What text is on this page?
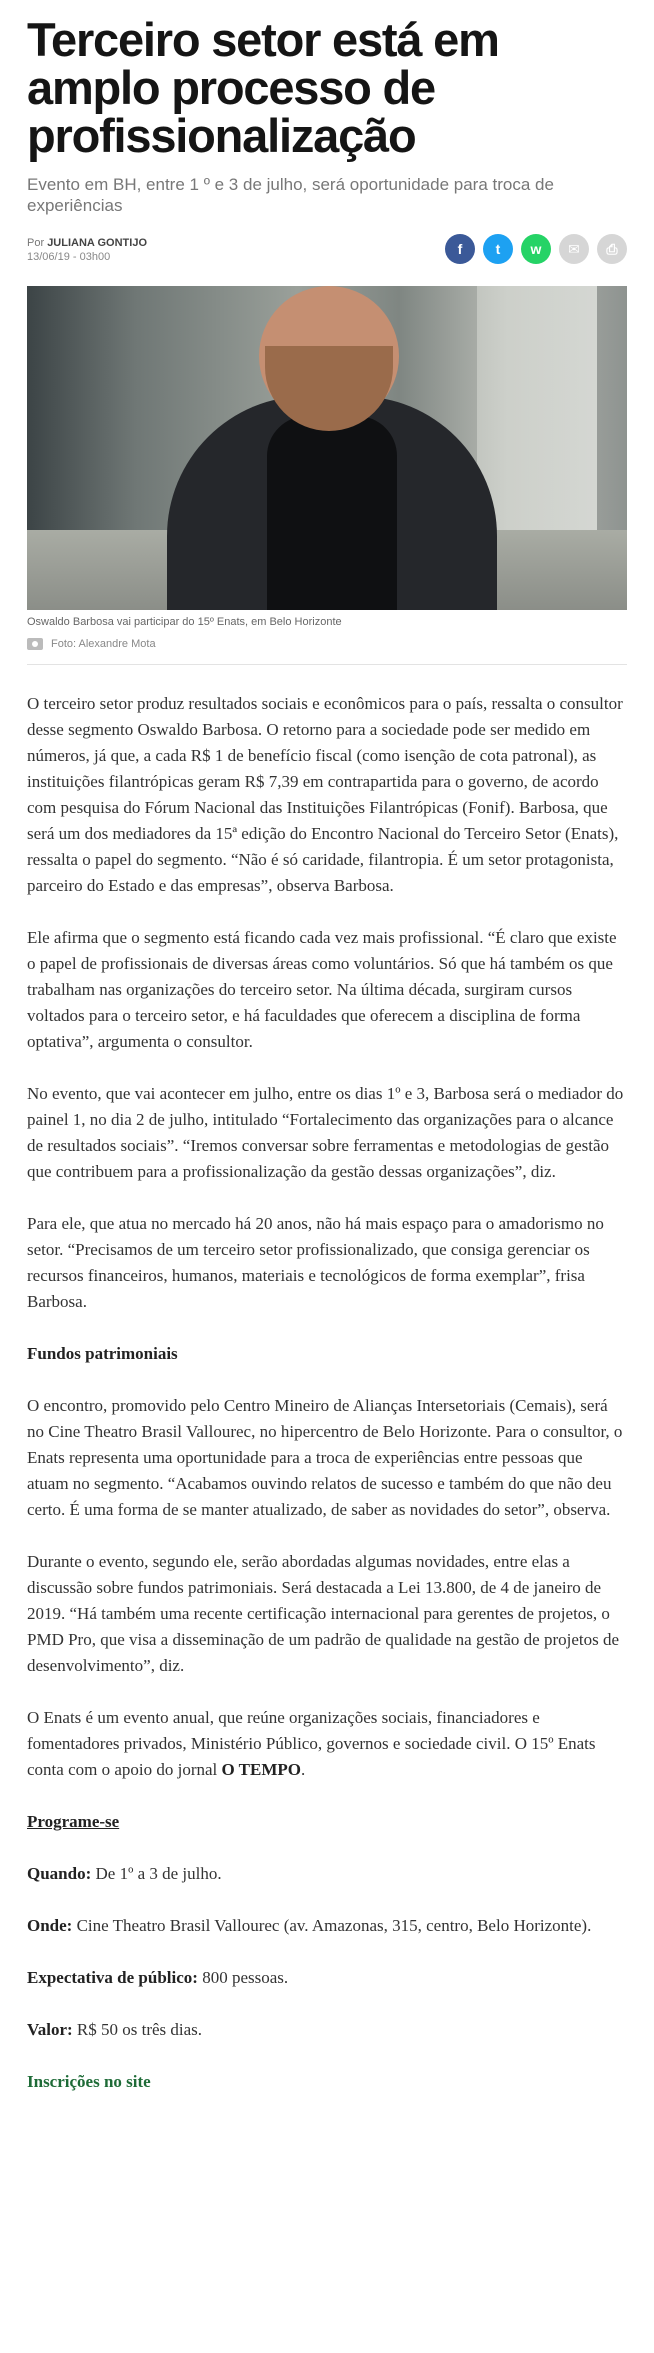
Terceiro setor está em amplo processo de profissionalização

Evento em BH, entre 1 º e 3 de julho, será oportunidade para troca de experiências

Por JULIANA GONTIJO
13/06/19 - 03h00	f t w ✉ ⎙

Oswaldo Barbosa vai participar do 15º Enats, em Belo Horizonte

Foto: Alexandre Mota

O terceiro setor produz resultados sociais e econômicos para o país, ressalta o consultor desse segmento Oswaldo Barbosa. O retorno para a sociedade pode ser medido em números, já que, a cada R$ 1 de benefício fiscal (como isenção de cota patronal), as instituições filantrópicas geram R$ 7,39 em contrapartida para o governo, de acordo com pesquisa do Fórum Nacional das Instituições Filantrópicas (Fonif). Barbosa, que será um dos mediadores da 15ª edição do Encontro Nacional do Terceiro Setor (Enats), ressalta o papel do segmento. “Não é só caridade, filantropia. É um setor protagonista, parceiro do Estado e das empresas”, observa Barbosa.

Ele afirma que o segmento está ficando cada vez mais profissional. “É claro que existe o papel de profissionais de diversas áreas como voluntários. Só que há também os que trabalham nas organizações do terceiro setor. Na última década, surgiram cursos voltados para o terceiro setor, e há faculdades que oferecem a disciplina de forma optativa”, argumenta o consultor.

No evento, que vai acontecer em julho, entre os dias 1º e 3, Barbosa será o mediador do painel 1, no dia 2 de julho, intitulado “Fortalecimento das organizações para o alcance de resultados sociais”. “Iremos conversar sobre ferramentas e metodologias de gestão que contribuem para a profissionalização da gestão dessas organizações”, diz.

Para ele, que atua no mercado há 20 anos, não há mais espaço para o amadorismo no setor. “Precisamos de um terceiro setor profissionalizado, que consiga gerenciar os recursos financeiros, humanos, materiais e tecnológicos de forma exemplar”, frisa Barbosa.

Fundos patrimoniais

O encontro, promovido pelo Centro Mineiro de Alianças Intersetoriais (Cemais), será no Cine Theatro Brasil Vallourec, no hipercentro de Belo Horizonte. Para o consultor, o Enats representa uma oportunidade para a troca de experiências entre pessoas que atuam no segmento. “Acabamos ouvindo relatos de sucesso e também do que não deu certo. É uma forma de se manter atualizado, de saber as novidades do setor”, observa.

Durante o evento, segundo ele, serão abordadas algumas novidades, entre elas a discussão sobre fundos patrimoniais. Será destacada a Lei 13.800, de 4 de janeiro de 2019. “Há também uma recente certificação internacional para gerentes de projetos, o PMD Pro, que visa a disseminação de um padrão de qualidade na gestão de projetos de desenvolvimento”, diz.

O Enats é um evento anual, que reúne organizações sociais, financiadores e fomentadores privados, Ministério Público, governos e sociedade civil. O 15º Enats conta com o apoio do jornal O TEMPO.

Programe-se

Quando: De 1º a 3 de julho.

Onde: Cine Theatro Brasil Vallourec (av. Amazonas, 315, centro, Belo Horizonte).

Expectativa de público: 800 pessoas.

Valor: R$ 50 os três dias.

Inscrições no site
